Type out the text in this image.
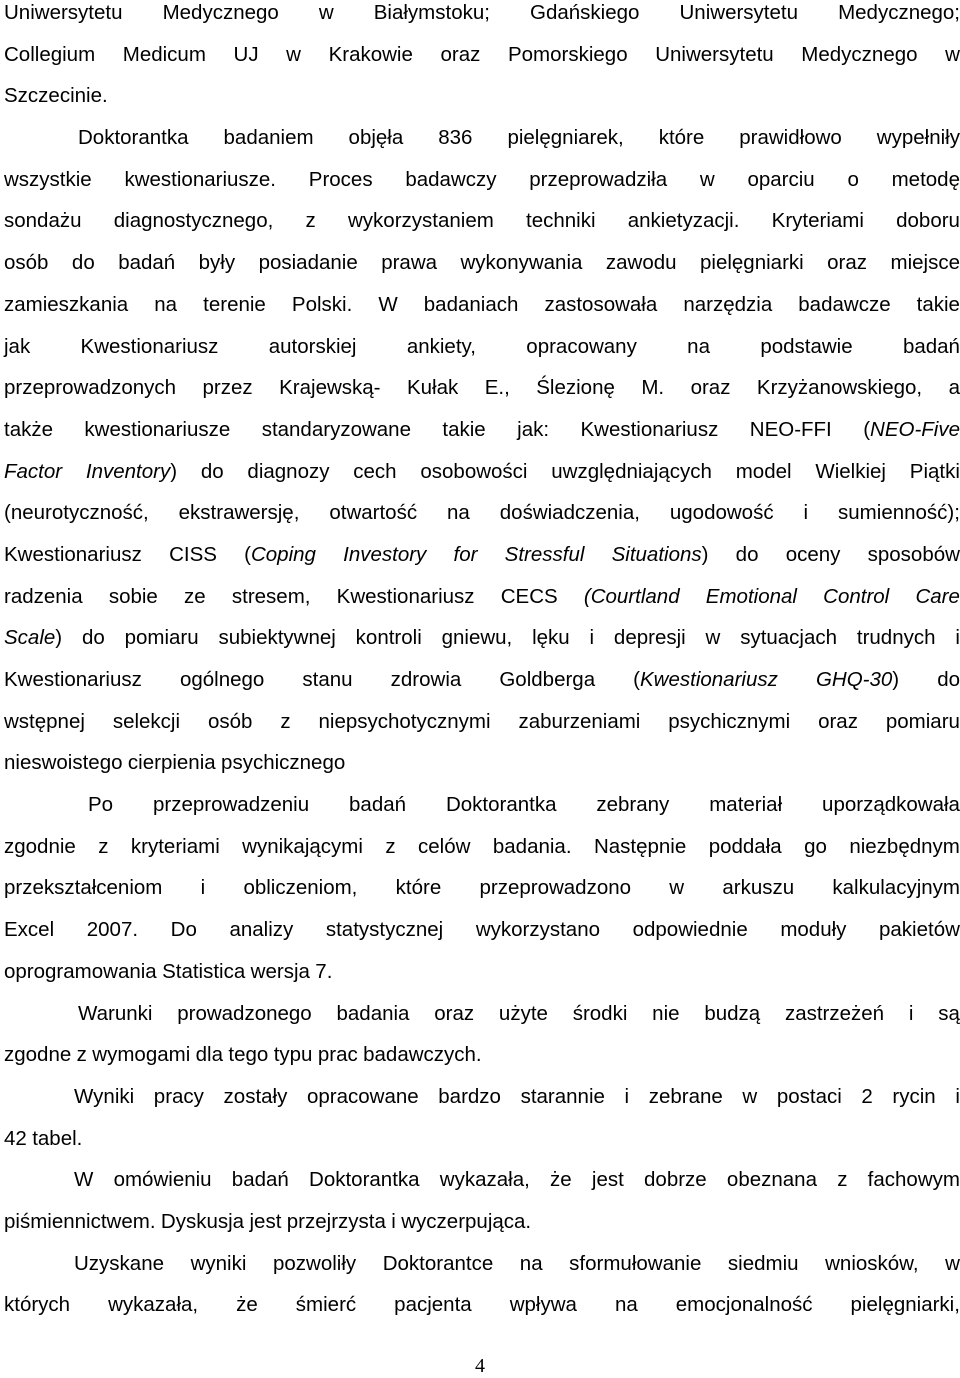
Uniwersytetu Medycznego w Białymstoku; Gdańskiego Uniwersytetu Medycznego;
Collegium Medicum UJ w Krakowie oraz Pomorskiego Uniwersytetu Medycznego w
Szczecinie.
Doktorantka badaniem objęła 836 pielęgniarek, które prawidłowo wypełniły
wszystkie kwestionariusze. Proces badawczy przeprowadziła w oparciu o metodę
sondażu diagnostycznego, z wykorzystaniem techniki ankietyzacji. Kryteriami doboru
osób do badań były posiadanie prawa wykonywania zawodu pielęgniarki oraz miejsce
zamieszkania na terenie Polski. W badaniach zastosowała narzędzia badawcze takie
jak Kwestionariusz autorskiej ankiety, opracowany na podstawie badań
przeprowadzonych przez Krajewską- Kułak E., Ślezionę M. oraz Krzyżanowskiego, a
także kwestionariusze standaryzowane takie jak: Kwestionariusz NEO-FFI (NEO-Five
Factor Inventory) do diagnozy cech osobowości uwzględniających model Wielkiej Piątki
(neurotyczność, ekstrawersję, otwartość na doświadczenia, ugodowość i sumienność);
Kwestionariusz CISS (Coping Investory for Stressful Situations) do oceny sposobów
radzenia sobie ze stresem, Kwestionariusz CECS (Courtland Emotional Control Care
Scale) do pomiaru subiektywnej kontroli gniewu, lęku i depresji w sytuacjach trudnych i
Kwestionariusz ogólnego stanu zdrowia Goldberga (Kwestionariusz GHQ-30) do
wstępnej selekcji osób z niepsychotycznymi zaburzeniami psychicznymi oraz pomiaru
nieswoistego cierpienia psychicznego
Po przeprowadzeniu badań Doktorantka zebrany materiał uporządkowała
zgodnie z kryteriami wynikającymi z celów badania. Następnie poddała go niezbędnym
przekształceniom i obliczeniom, które przeprowadzono w arkuszu kalkulacyjnym
Excel 2007. Do analizy statystycznej wykorzystano odpowiednie moduły pakietów
oprogramowania Statistica wersja 7.
Warunki prowadzonego badania oraz użyte środki nie budzą zastrzeżeń i są
zgodne z wymogami dla tego typu prac badawczych.
Wyniki pracy zostały opracowane bardzo starannie i zebrane w postaci 2 rycin i
42 tabel.
W omówieniu badań Doktorantka wykazała, że jest dobrze obeznana z fachowym
piśmiennictwem. Dyskusja jest przejrzysta i wyczerpująca.
Uzyskane wyniki pozwoliły Doktorantce na sformułowanie siedmiu wniosków, w
których wykazała, że śmierć pacjenta wpływa na emocjonalność pielęgniarki,
4
